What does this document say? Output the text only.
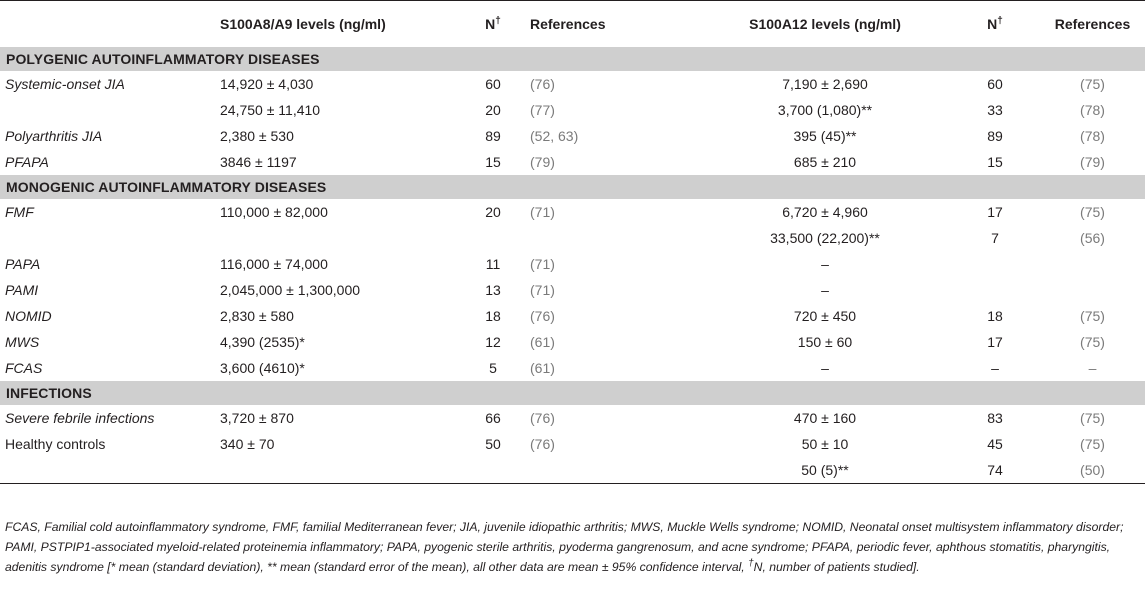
	S100A8/A9 levels (ng/ml)	N†	References	S100A12 levels (ng/ml)	N†	References
POLYGENIC AUTOINFLAMMATORY DISEASES						
Systemic-onset JIA	14,920 ± 4,030	60	(76)	7,190 ± 2,690	60	(75)
	24,750 ± 11,410	20	(77)	3,700 (1,080)**	33	(78)
Polyarthritis JIA	2,380 ± 530	89	(52, 63)	395 (45)**	89	(78)
PFAPA	3846 ± 1197	15	(79)	685 ± 210	15	(79)
MONOGENIC AUTOINFLAMMATORY DISEASES						
FMF	110,000 ± 82,000	20	(71)	6,720 ± 4,960	17	(75)
				33,500 (22,200)**	7	(56)
PAPA	116,000 ± 74,000	11	(71)	–		
PAMI	2,045,000 ± 1,300,000	13	(71)	–		
NOMID	2,830 ± 580	18	(76)	720 ± 450	18	(75)
MWS	4,390 (2535)*	12	(61)	150 ± 60	17	(75)
FCAS	3,600 (4610)*	5	(61)	–	–	–
INFECTIONS						
Severe febrile infections	3,720 ± 870	66	(76)	470 ± 160	83	(75)
Healthy controls	340 ± 70	50	(76)	50 ± 10	45	(75)
				50 (5)**	74	(50)
FCAS, Familial cold autoinflammatory syndrome, FMF, familial Mediterranean fever; JIA, juvenile idiopathic arthritis; MWS, Muckle Wells syndrome; NOMID, Neonatal onset multisystem inflammatory disorder; PAMI, PSTPIP1-associated myeloid-related proteinemia inflammatory; PAPA, pyogenic sterile arthritis, pyoderma gangrenosum, and acne syndrome; PFAPA, periodic fever, aphthous stomatitis, pharyngitis, adenitis syndrome [* mean (standard deviation), ** mean (standard error of the mean), all other data are mean ± 95% confidence interval, †N, number of patients studied].
